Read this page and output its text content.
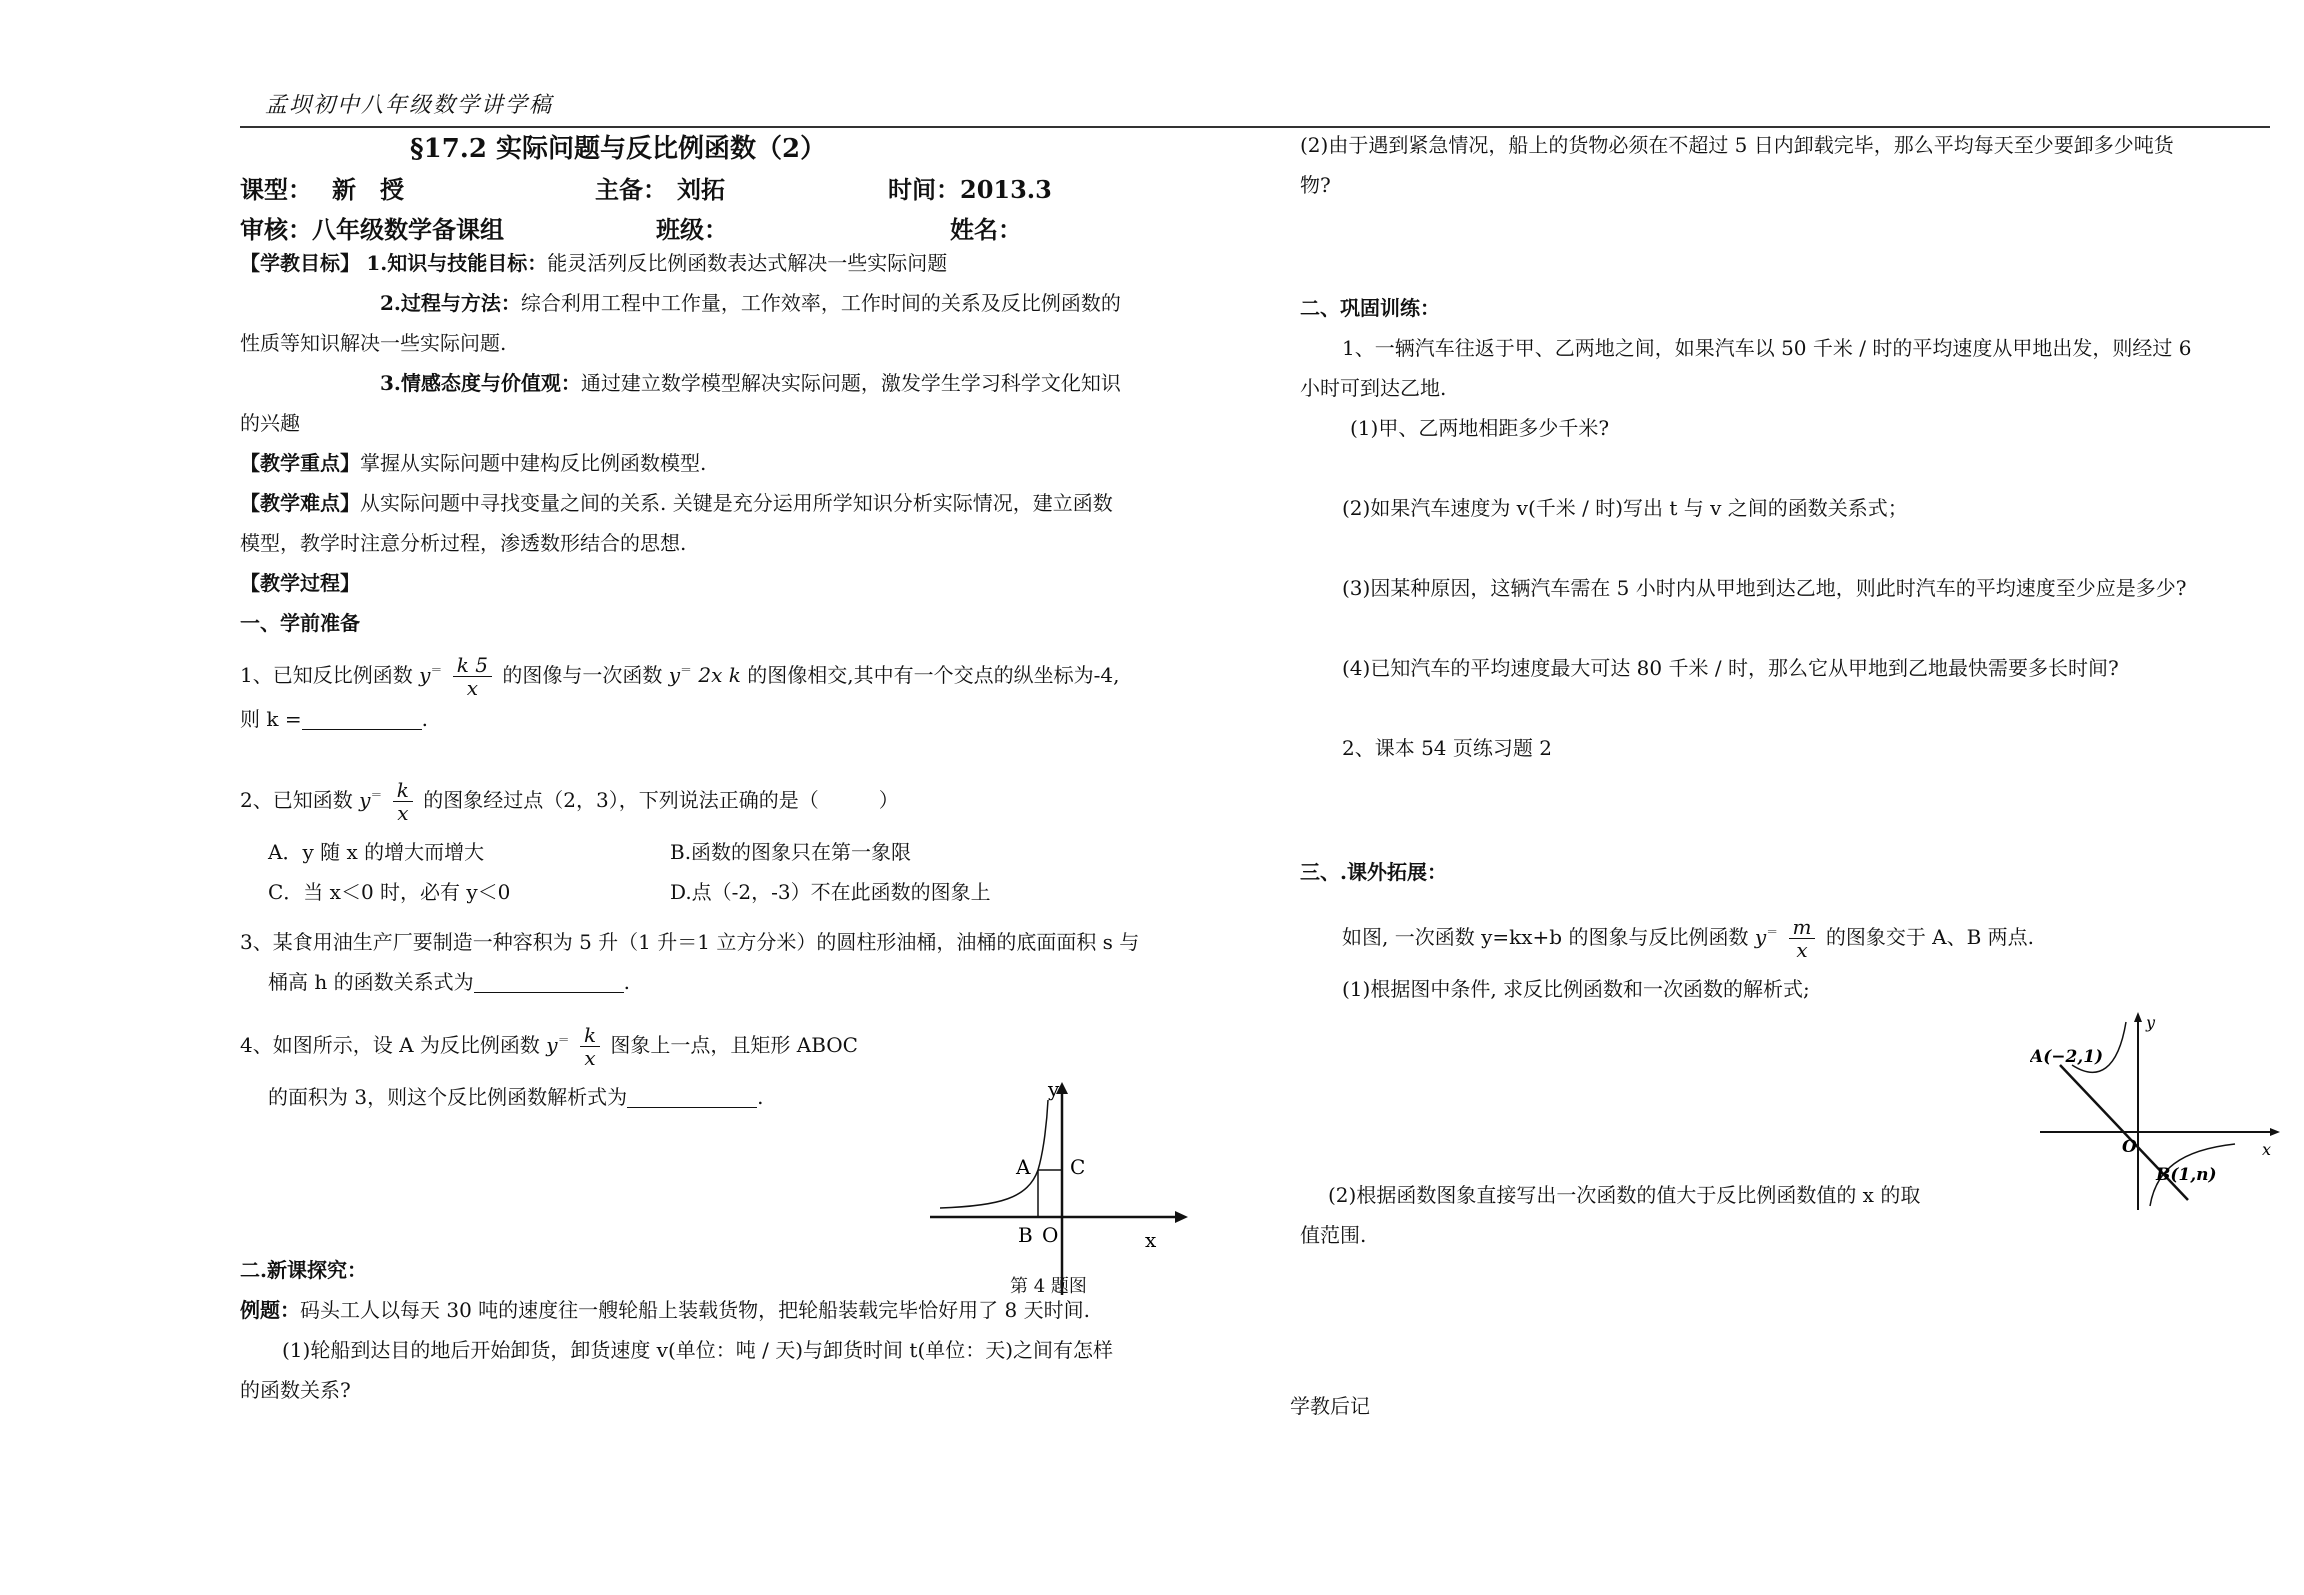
孟坝初中八年级数学讲学稿
§17.2 实际问题与反比例函数（2）
课型： 新　授	主备： 刘拓	时间：2013.3
审核：八年级数学备课组	班级：	姓名：
【学教目标】 1.知识与技能目标：能灵活列反比例函数表达式解决一些实际问题
2.过程与方法：综合利用工程中工作量，工作效率，工作时间的关系及反比例函数的
性质等知识解决一些实际问题.
3.情感态度与价值观：通过建立数学模型解决实际问题，激发学生学习科学文化知识
的兴趣
【教学重点】掌握从实际问题中建构反比例函数模型.
【教学难点】从实际问题中寻找变量之间的关系. 关键是充分运用所学知识分析实际情况，建立函数
模型，教学时注意分析过程，渗透数形结合的思想.
【教学过程】
一、学前准备
1、已知反比例函数 $y^= \frac{k 5}{x}$ 的图像与一次函数 y＝ 2x k 的图像相交,其中有一个交点的纵坐标为-4,
则 k =	.
2、已知函数 $y^= \frac{k}{x}$ 的图象经过点（2，3），下列说法正确的是（　　　）
A．y 随 x 的增大而增大	B.函数的图象只在第一象限
C．当 x＜0 时，必有 y＜0	D.点（-2，-3）不在此函数的图象上
3、某食用油生产厂要制造一种容积为 5 升（1 升＝1 立方分米）的圆柱形油桶，油桶的底面面积 s 与
桶高 h 的函数关系式为	.
4、如图所示，设 A 为反比例函数 $y^= \frac{k}{x}$ 图象上一点，且矩形 ABOC
的面积为 3，则这个反比例函数解析式为	.	y
x
A C
B O
第 4 题图
二.新课探究：
例题：码头工人以每天 30 吨的速度往一艘轮船上装载货物，把轮船装载完毕恰好用了 8 天时间.
(1)轮船到达目的地后开始卸货，卸货速度 v(单位：吨 / 天)与卸货时间 t(单位：天)之间有怎样
的函数关系?
(2)由于遇到紧急情况，船上的货物必须在不超过 5 日内卸载完毕，那么平均每天至少要卸多少吨货
物?
二、巩固训练：
1、一辆汽车往返于甲、乙两地之间，如果汽车以 50 千米 / 时的平均速度从甲地出发，则经过 6
小时可到达乙地.
(1)甲、乙两地相距多少千米?
(2)如果汽车速度为 v(千米 / 时)写出 t 与 v 之间的函数关系式；
(3)因某种原因，这辆汽车需在 5 小时内从甲地到达乙地，则此时汽车的平均速度至少应是多少?
(4)已知汽车的平均速度最大可达 80 千米 / 时，那么它从甲地到乙地最快需要多长时间?
2、课本 54 页练习题 2
三、.课外拓展：
如图, 一次函数 y=kx+b 的图象与反比例函数 $y^= \frac{m}{x}$ 的图象交于 A、B 两点.
(1)根据图中条件, 求反比例函数和一次函数的解析式;
(2)根据函数图象直接写出一次函数的值大于反比例函数值的 x 的取
值范围.
A(−2,1)
B(1,n)
O	x
y
学教后记
